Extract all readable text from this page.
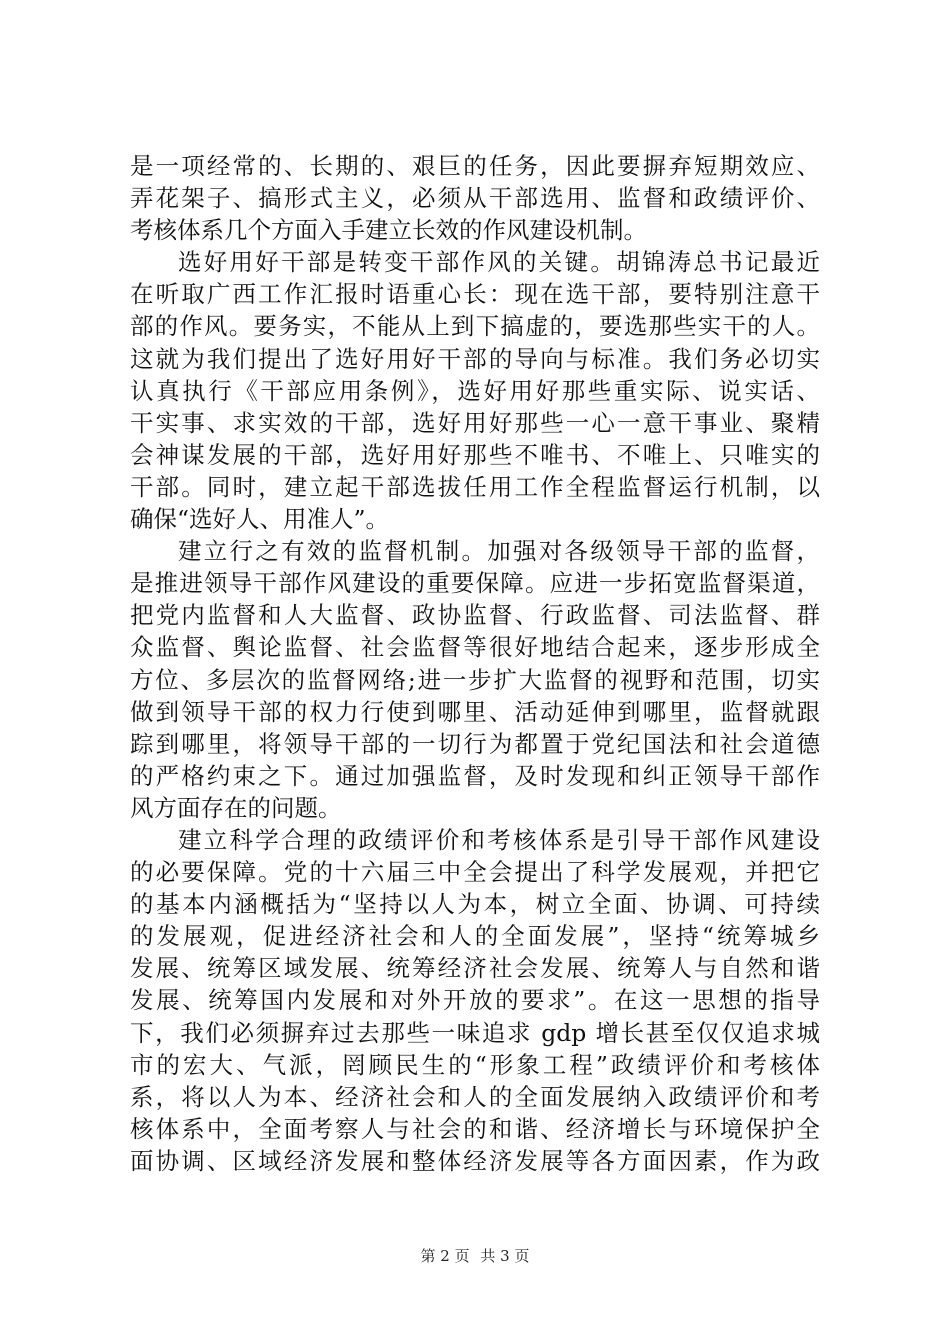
是一项经常的、长期的、艰巨的任务，因此要摒弃短期效应、
弄花架子、搞形式主义，必须从干部选用、监督和政绩评价、
考核体系几个方面入手建立长效的作风建设机制。
选好用好干部是转变干部作风的关键。胡锦涛总书记最近
在听取广西工作汇报时语重心长：现在选干部，要特别注意干
部的作风。要务实，不能从上到下搞虚的，要选那些实干的人。
这就为我们提出了选好用好干部的导向与标准。我们务必切实
认真执行《干部应用条例》，选好用好那些重实际、说实话、
干实事、求实效的干部，选好用好那些一心一意干事业、聚精
会神谋发展的干部，选好用好那些不唯书、不唯上、只唯实的
干部。同时，建立起干部选拔任用工作全程监督运行机制，以
确保“选好人、用准人”。
建立行之有效的监督机制。加强对各级领导干部的监督，
是推进领导干部作风建设的重要保障。应进一步拓宽监督渠道，
把党内监督和人大监督、政协监督、行政监督、司法监督、群
众监督、舆论监督、社会监督等很好地结合起来，逐步形成全
方位、多层次的监督网络;进一步扩大监督的视野和范围，切实
做到领导干部的权力行使到哪里、活动延伸到哪里，监督就跟
踪到哪里，将领导干部的一切行为都置于党纪国法和社会道德
的严格约束之下。通过加强监督，及时发现和纠正领导干部作
风方面存在的问题。
建立科学合理的政绩评价和考核体系是引导干部作风建设
的必要保障。党的十六届三中全会提出了科学发展观，并把它
的基本内涵概括为“坚持以人为本，树立全面、协调、可持续
的发展观，促进经济社会和人的全面发展”，坚持“统筹城乡
发展、统筹区域发展、统筹经济社会发展、统筹人与自然和谐
发展、统筹国内发展和对外开放的要求”。在这一思想的指导
下，我们必须摒弃过去那些一味追求 gdp 增长甚至仅仅追求城
市的宏大、气派，罔顾民生的“形象工程”政绩评价和考核体
系，将以人为本、经济社会和人的全面发展纳入政绩评价和考
核体系中，全面考察人与社会的和谐、经济增长与环境保护全
面协调、区域经济发展和整体经济发展等各方面因素，作为政
第 2 页 共 3 页
